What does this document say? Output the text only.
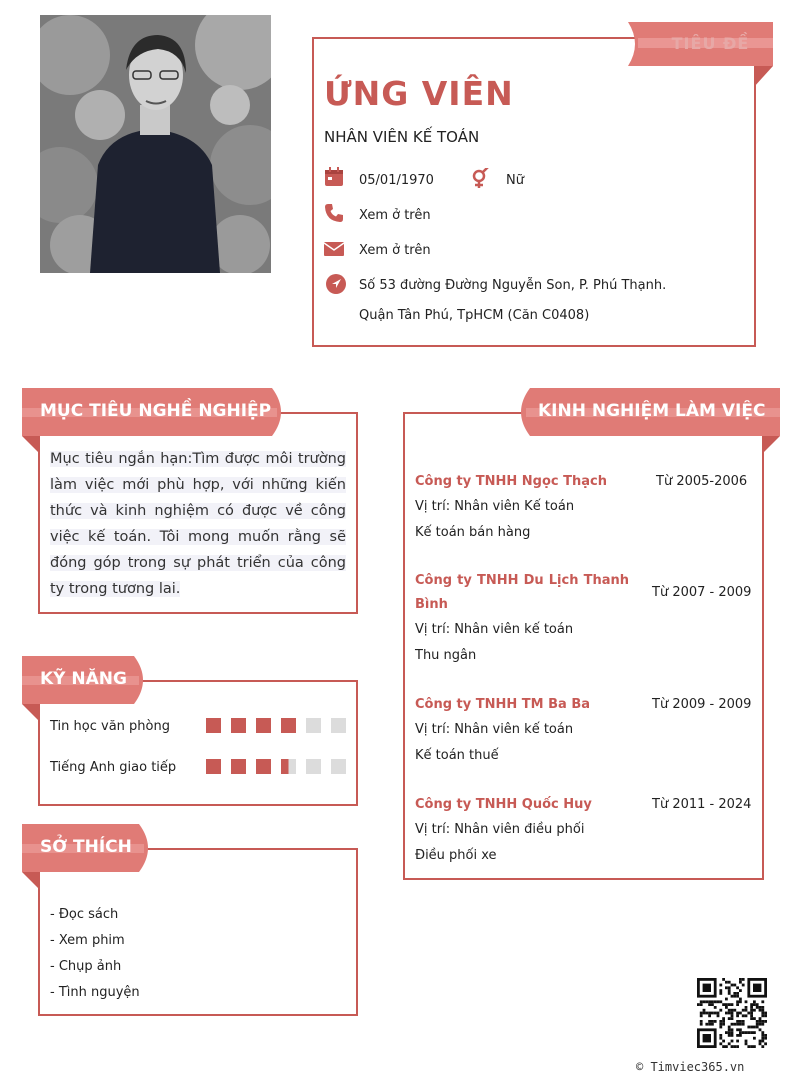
TIÊU ĐỀ
ỨNG VIÊN
NHÂN VIÊN KẾ TOÁN
05/01/1970	Nữ
Xem ở trên
Xem ở trên
Số 53 đường Đường Nguyễn Son, P. Phú Thạnh.
Quận Tân Phú, TpHCM (Căn C0408)
MỤC TIÊU NGHỀ NGHIỆP
Mục tiêu ngắn hạn:Tìm được môi trường làm việc mới phù hợp, với những kiến thức và kinh nghiệm có được về công việc kế toán. Tôi mong muốn rằng sẽ đóng góp trong sự phát triển của công ty trong tương lai.
KỸ NĂNG
Tin học văn phòng
Tiếng Anh giao tiếp
SỞ THÍCH
- Đọc sách
- Xem phim
- Chụp ảnh
- Tình nguyện
KINH NGHIỆM LÀM VIỆC
Công ty TNHH Ngọc Thạch	Từ 2005-2006
Vị trí: Nhân viên Kế toán
Kế toán bán hàng
Công ty TNHH Du Lịch Thanh
Bình
Từ 2007 - 2009
Vị trí: Nhân viên kế toán
Thu ngân
Công ty TNHH TM Ba Ba	Từ 2009 - 2009
Vị trí: Nhân viên kế toán
Kế toán thuế
Công ty TNHH Quốc Huy	Từ 2011 - 2024
Vị trí: Nhân viên điều phối
Điều phối xe
© Timviec365.vn
